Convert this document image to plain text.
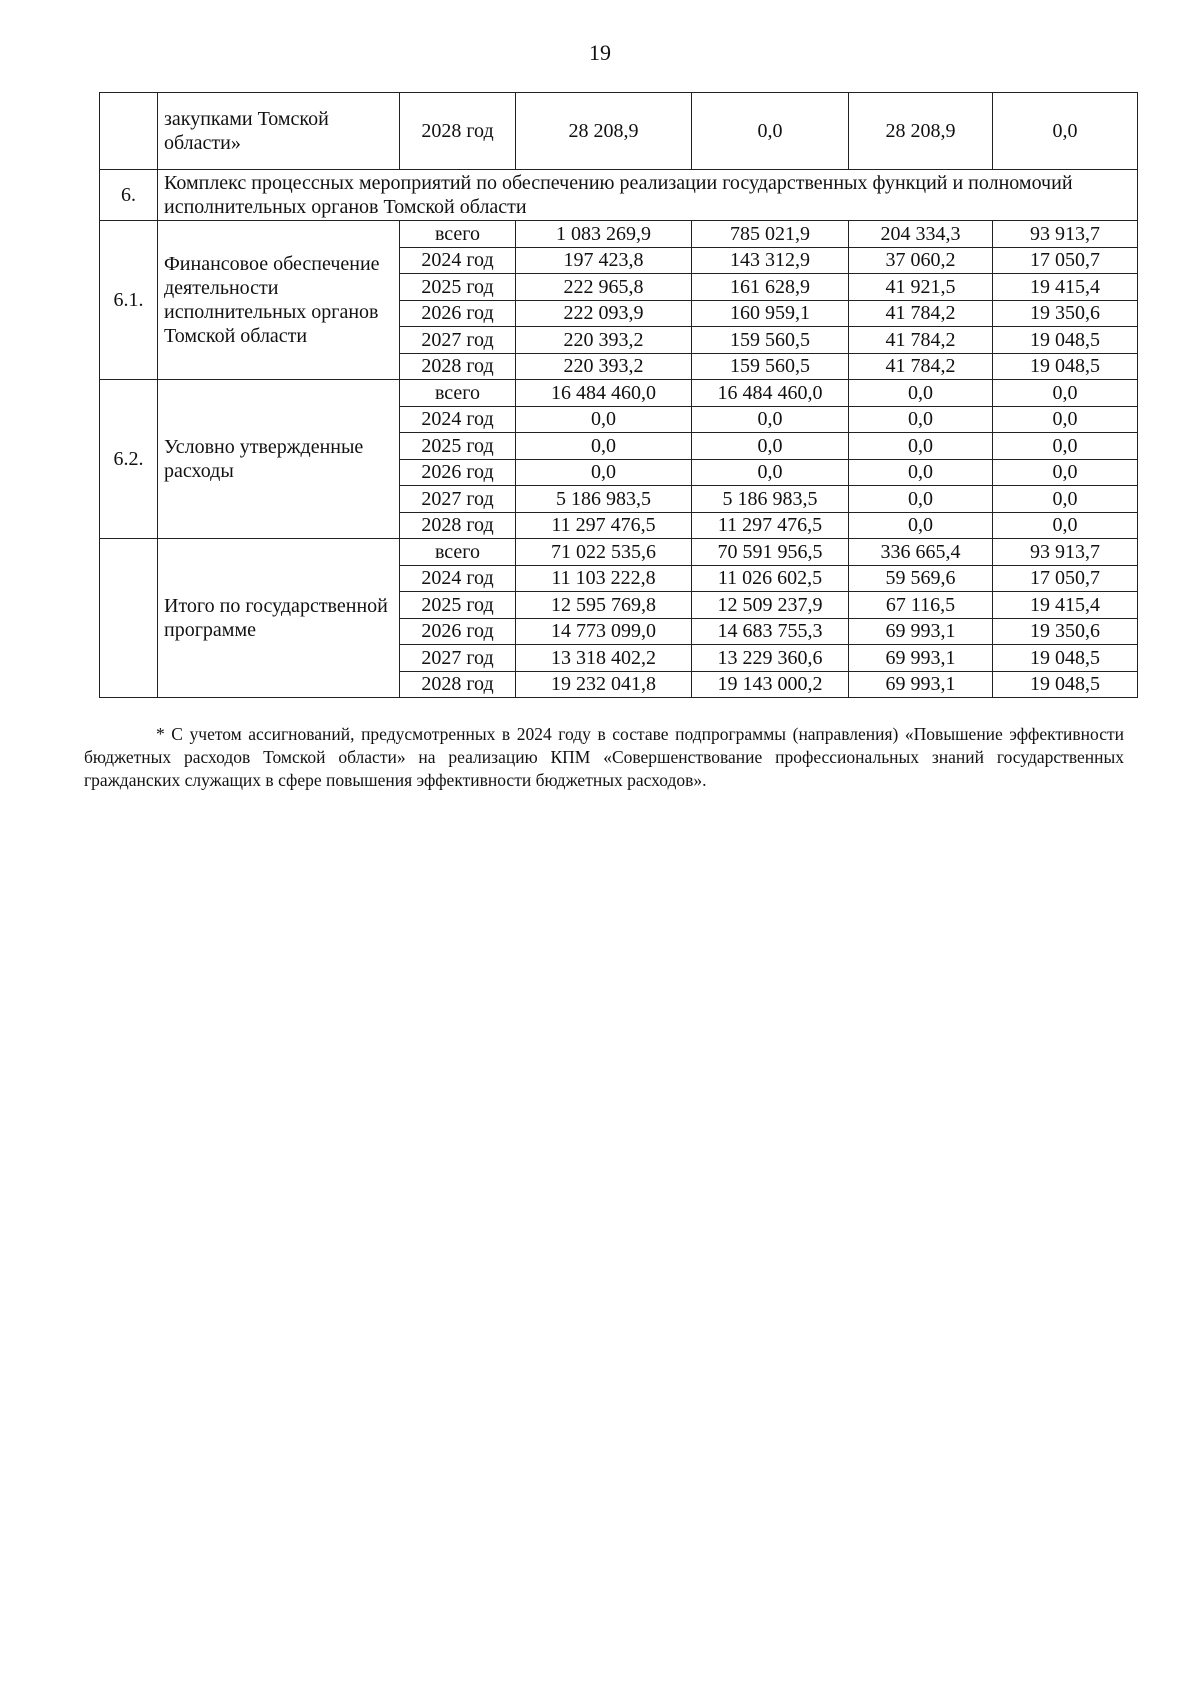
19
	закупками Томской области»	2028 год	28 208,9	0,0	28 208,9	0,0
6.	Комплекс процессных мероприятий по обеспечению реализации государственных функций и полномочий исполнительных органов Томской области					
6.1.	Финансовое обеспечение деятельности исполнительных органов Томской области	всего	1 083 269,9	785 021,9	204 334,3	93 913,7
		2024 год	197 423,8	143 312,9	37 060,2	17 050,7
		2025 год	222 965,8	161 628,9	41 921,5	19 415,4
		2026 год	222 093,9	160 959,1	41 784,2	19 350,6
		2027 год	220 393,2	159 560,5	41 784,2	19 048,5
		2028 год	220 393,2	159 560,5	41 784,2	19 048,5
6.2.	Условно утвержденные расходы	всего	16 484 460,0	16 484 460,0	0,0	0,0
		2024 год	0,0	0,0	0,0	0,0
		2025 год	0,0	0,0	0,0	0,0
		2026 год	0,0	0,0	0,0	0,0
		2027 год	5 186 983,5	5 186 983,5	0,0	0,0
		2028 год	11 297 476,5	11 297 476,5	0,0	0,0
	Итого по государственной программе	всего	71 022 535,6	70 591 956,5	336 665,4	93 913,7
		2024 год	11 103 222,8	11 026 602,5	59 569,6	17 050,7
		2025 год	12 595 769,8	12 509 237,9	67 116,5	19 415,4
		2026 год	14 773 099,0	14 683 755,3	69 993,1	19 350,6
		2027 год	13 318 402,2	13 229 360,6	69 993,1	19 048,5
		2028 год	19 232 041,8	19 143 000,2	69 993,1	19 048,5
* С учетом ассигнований, предусмотренных в 2024 году в составе подпрограммы (направления) «Повышение эффективности бюджетных расходов Томской области» на реализацию КПМ «Совершенствование профессиональных знаний государственных гражданских служащих в сфере повышения эффективности бюджетных расходов».
